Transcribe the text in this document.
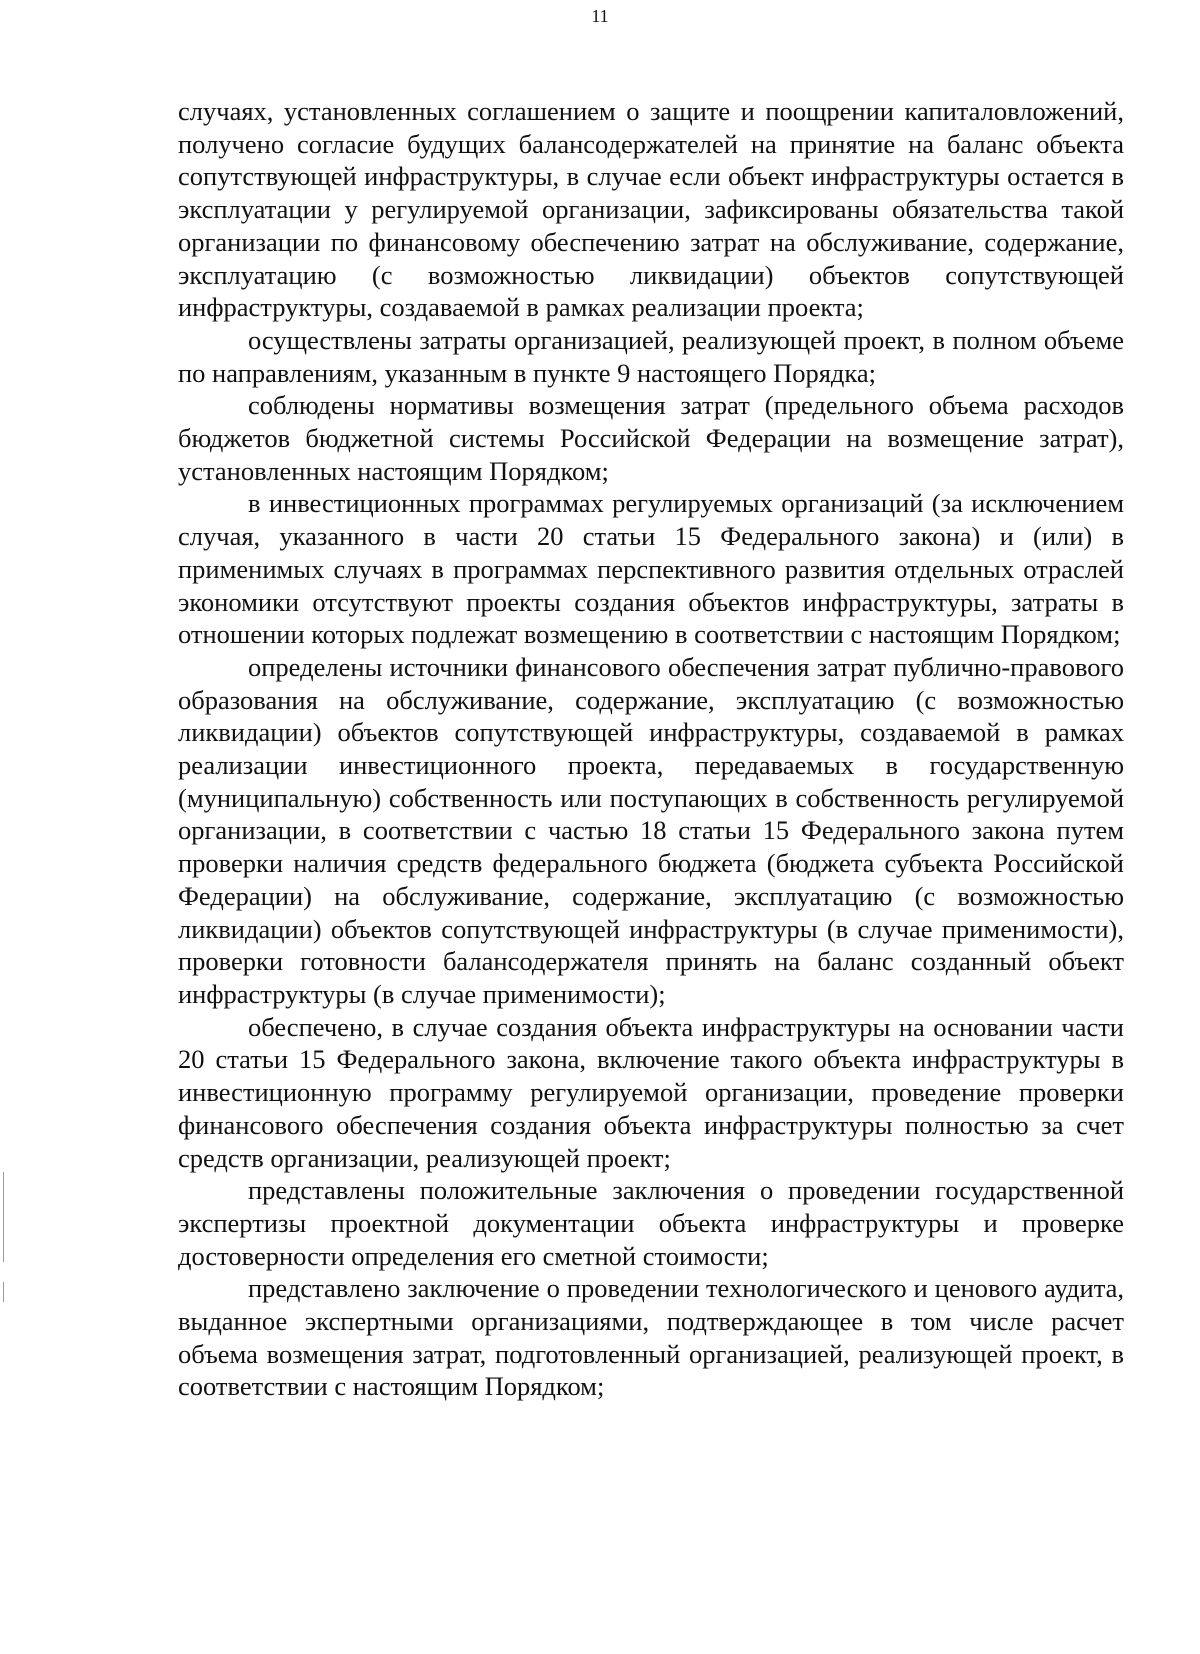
11

случаях, установленных соглашением о защите и поощрении капиталовложений, получено согласие будущих балансодержателей на принятие на баланс объекта сопутствующей инфраструктуры, в случае если объект инфраструктуры остается в эксплуатации у регулируемой организации, зафиксированы обязательства такой организации по финансовому обеспечению затрат на обслуживание, содержание, эксплуатацию (с возможностью ликвидации) объектов сопутствующей инфраструктуры, создаваемой в рамках реализации проекта;

осуществлены затраты организацией, реализующей проект, в полном объеме по направлениям, указанным в пункте 9 настоящего Порядка;

соблюдены нормативы возмещения затрат (предельного объема расходов бюджетов бюджетной системы Российской Федерации на возмещение затрат), установленных настоящим Порядком;

в инвестиционных программах регулируемых организаций (за исключением случая, указанного в части 20 статьи 15 Федерального закона) и (или) в применимых случаях в программах перспективного развития отдельных отраслей экономики отсутствуют проекты создания объектов инфраструктуры, затраты в отношении которых подлежат возмещению в соответствии с настоящим Порядком;

определены источники финансового обеспечения затрат публично-правового образования на обслуживание, содержание, эксплуатацию (с возможностью ликвидации) объектов сопутствующей инфраструктуры, создаваемой в рамках реализации инвестиционного проекта, передаваемых в государственную (муниципальную) собственность или поступающих в собственность регулируемой организации, в соответствии с частью 18 статьи 15 Федерального закона путем проверки наличия средств федерального бюджета (бюджета субъекта Российской Федерации) на обслуживание, содержание, эксплуатацию (с возможностью ликвидации) объектов сопутствующей инфраструктуры (в случае применимости), проверки готовности балансодержателя принять на баланс созданный объект инфраструктуры (в случае применимости);

обеспечено, в случае создания объекта инфраструктуры на основании части 20 статьи 15 Федерального закона, включение такого объекта инфраструктуры в инвестиционную программу регулируемой организации, проведение проверки финансового обеспечения создания объекта инфраструктуры полностью за счет средств организации, реализующей проект;

представлены положительные заключения о проведении государственной экспертизы проектной документации объекта инфраструктуры и проверке достоверности определения его сметной стоимости;

представлено заключение о проведении технологического и ценового аудита, выданное экспертными организациями, подтверждающее в том числе расчет объема возмещения затрат, подготовленный организацией, реализующей проект, в соответствии с настоящим Порядком;
